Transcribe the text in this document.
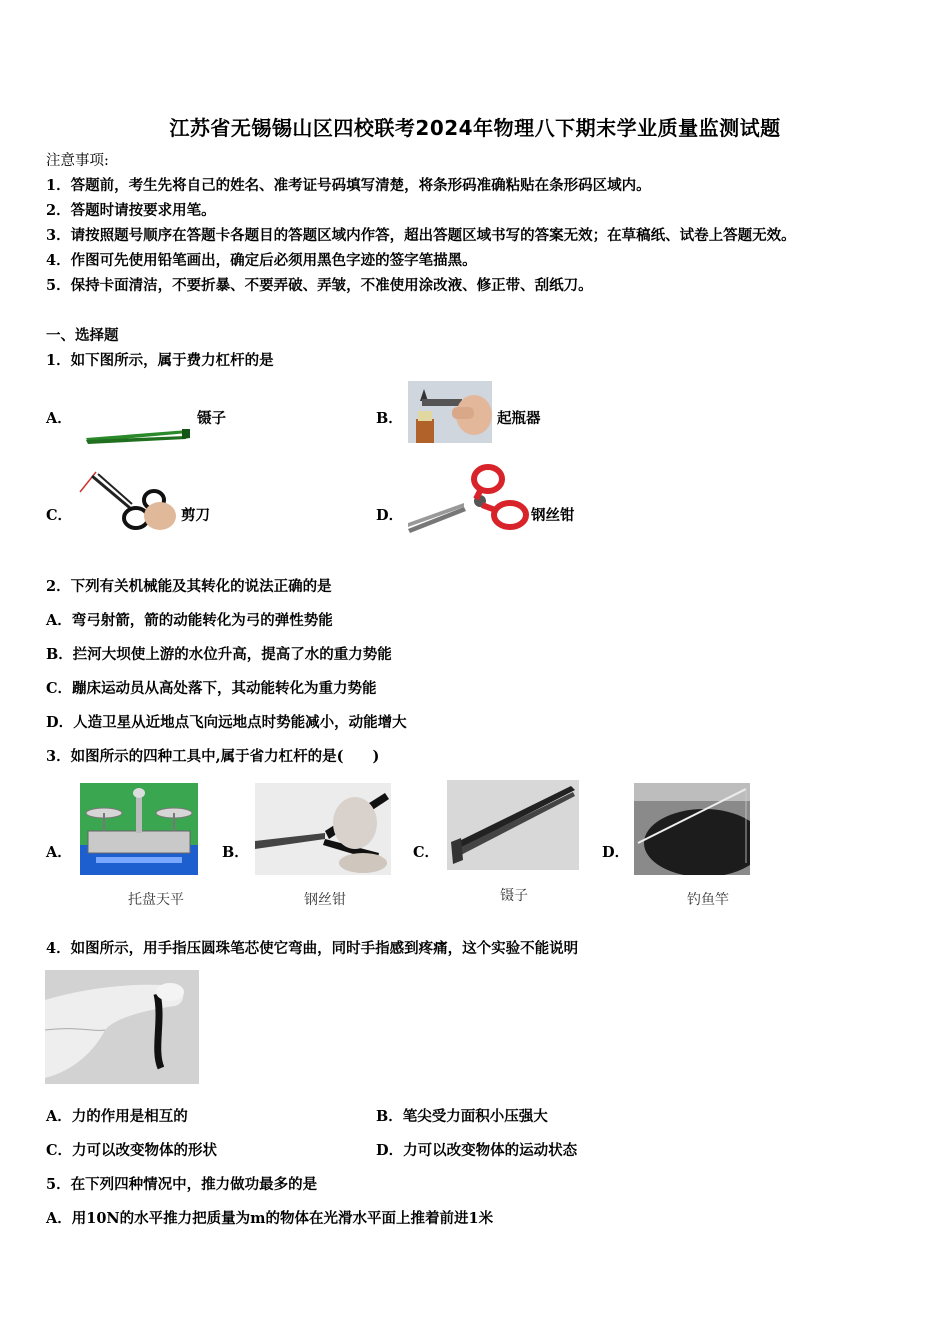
江苏省无锡锡山区四校联考2024年物理八下期末学业质量监测试题
注意事项:
1．答题前，考生先将自己的姓名、准考证号码填写清楚，将条形码准确粘贴在条形码区域内。
2．答题时请按要求用笔。
3．请按照题号顺序在答题卡各题目的答题区域内作答，超出答题区域书写的答案无效；在草稿纸、试卷上答题无效。
4．作图可先使用铅笔画出，确定后必须用黑色字迹的签字笔描黑。
5．保持卡面清洁，不要折暴、不要弄破、弄皱，不准使用涂改液、修正带、刮纸刀。
一、选择题
1．如下图所示，属于费力杠杆的是
A．	镊子	B．	起瓶器
C．	剪刀	D．	钢丝钳
2．下列有关机械能及其转化的说法正确的是
A．弯弓射箭，箭的动能转化为弓的弹性势能
B．拦河大坝使上游的水位升高，提高了水的重力势能
C．蹦床运动员从高处落下，其动能转化为重力势能
D．人造卫星从近地点飞向远地点时势能减小，动能增大
3．如图所示的四种工具中,属于省力杠杆的是(　　)
A．
托盘天平
B．
钢丝钳
C．
镊子
D．
钓鱼竿
4．如图所示，用手指压圆珠笔芯使它弯曲，同时手指感到疼痛，这个实验不能说明
A．力的作用是相互的	B．笔尖受力面积小压强大
C．力可以改变物体的形状	D．力可以改变物体的运动状态
5．在下列四种情况中，推力做功最多的是
A．用10N的水平推力把质量为m的物体在光滑水平面上推着前进1米
